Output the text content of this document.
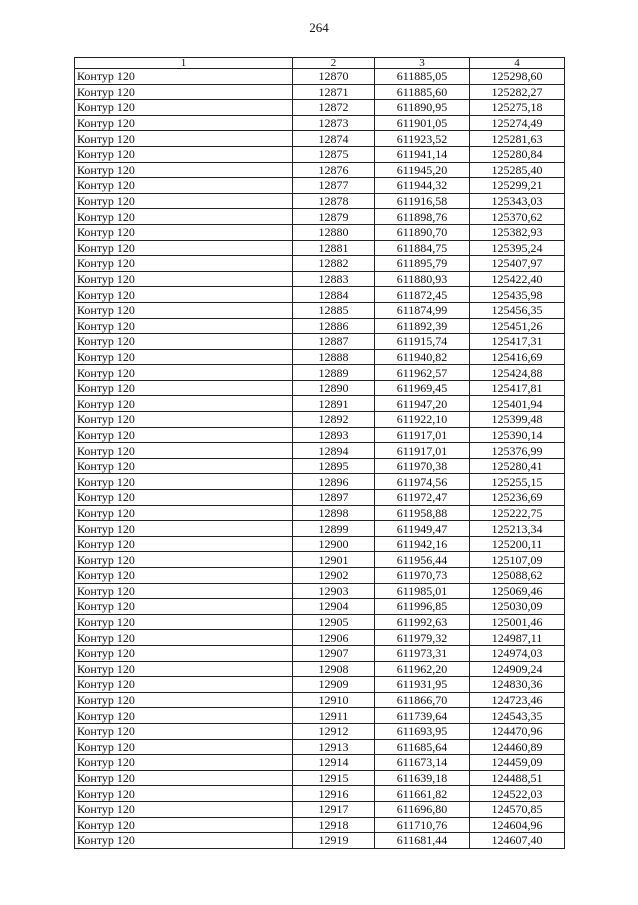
264
1	2	3	4
Контур 120	12870	611885,05	125298,60
Контур 120	12871	611885,60	125282,27
Контур 120	12872	611890,95	125275,18
Контур 120	12873	611901,05	125274,49
Контур 120	12874	611923,52	125281,63
Контур 120	12875	611941,14	125280,84
Контур 120	12876	611945,20	125285,40
Контур 120	12877	611944,32	125299,21
Контур 120	12878	611916,58	125343,03
Контур 120	12879	611898,76	125370,62
Контур 120	12880	611890,70	125382,93
Контур 120	12881	611884,75	125395,24
Контур 120	12882	611895,79	125407,97
Контур 120	12883	611880,93	125422,40
Контур 120	12884	611872,45	125435,98
Контур 120	12885	611874,99	125456,35
Контур 120	12886	611892,39	125451,26
Контур 120	12887	611915,74	125417,31
Контур 120	12888	611940,82	125416,69
Контур 120	12889	611962,57	125424,88
Контур 120	12890	611969,45	125417,81
Контур 120	12891	611947,20	125401,94
Контур 120	12892	611922,10	125399,48
Контур 120	12893	611917,01	125390,14
Контур 120	12894	611917,01	125376,99
Контур 120	12895	611970,38	125280,41
Контур 120	12896	611974,56	125255,15
Контур 120	12897	611972,47	125236,69
Контур 120	12898	611958,88	125222,75
Контур 120	12899	611949,47	125213,34
Контур 120	12900	611942,16	125200,11
Контур 120	12901	611956,44	125107,09
Контур 120	12902	611970,73	125088,62
Контур 120	12903	611985,01	125069,46
Контур 120	12904	611996,85	125030,09
Контур 120	12905	611992,63	125001,46
Контур 120	12906	611979,32	124987,11
Контур 120	12907	611973,31	124974,03
Контур 120	12908	611962,20	124909,24
Контур 120	12909	611931,95	124830,36
Контур 120	12910	611866,70	124723,46
Контур 120	12911	611739,64	124543,35
Контур 120	12912	611693,95	124470,96
Контур 120	12913	611685,64	124460,89
Контур 120	12914	611673,14	124459,09
Контур 120	12915	611639,18	124488,51
Контур 120	12916	611661,82	124522,03
Контур 120	12917	611696,80	124570,85
Контур 120	12918	611710,76	124604,96
Контур 120	12919	611681,44	124607,40
